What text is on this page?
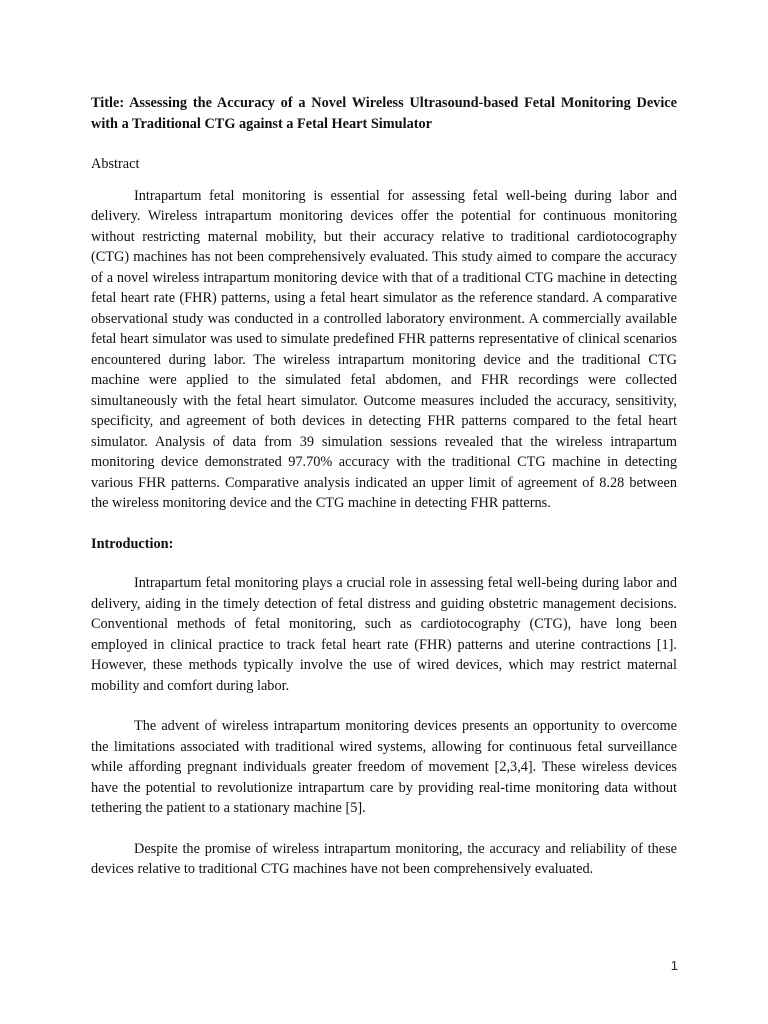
Title: Assessing the Accuracy of a Novel Wireless Ultrasound-based Fetal Monitoring Device with a Traditional CTG against a Fetal Heart Simulator

Abstract

Intrapartum fetal monitoring is essential for assessing fetal well-being during labor and delivery. Wireless intrapartum monitoring devices offer the potential for continuous monitoring without restricting maternal mobility, but their accuracy relative to traditional cardiotocography (CTG) machines has not been comprehensively evaluated. This study aimed to compare the accuracy of a novel wireless intrapartum monitoring device with that of a traditional CTG machine in detecting fetal heart rate (FHR) patterns, using a fetal heart simulator as the reference standard. A comparative observational study was conducted in a controlled laboratory environment. A commercially available fetal heart simulator was used to simulate predefined FHR patterns representative of clinical scenarios encountered during labor. The wireless intrapartum monitoring device and the traditional CTG machine were applied to the simulated fetal abdomen, and FHR recordings were collected simultaneously with the fetal heart simulator. Outcome measures included the accuracy, sensitivity, specificity, and agreement of both devices in detecting FHR patterns compared to the fetal heart simulator. Analysis of data from 39 simulation sessions revealed that the wireless intrapartum monitoring device demonstrated 97.70% accuracy with the traditional CTG machine in detecting various FHR patterns. Comparative analysis indicated an upper limit of agreement of 8.28 between the wireless monitoring device and the CTG machine in detecting FHR patterns.

Introduction:

Intrapartum fetal monitoring plays a crucial role in assessing fetal well-being during labor and delivery, aiding in the timely detection of fetal distress and guiding obstetric management decisions. Conventional methods of fetal monitoring, such as cardiotocography (CTG), have long been employed in clinical practice to track fetal heart rate (FHR) patterns and uterine contractions [1]. However, these methods typically involve the use of wired devices, which may restrict maternal mobility and comfort during labor.

The advent of wireless intrapartum monitoring devices presents an opportunity to overcome the limitations associated with traditional wired systems, allowing for continuous fetal surveillance while affording pregnant individuals greater freedom of movement [2,3,4]. These wireless devices have the potential to revolutionize intrapartum care by providing real-time monitoring data without tethering the patient to a stationary machine [5].

Despite the promise of wireless intrapartum monitoring, the accuracy and reliability of these devices relative to traditional CTG machines have not been comprehensively evaluated.

1
